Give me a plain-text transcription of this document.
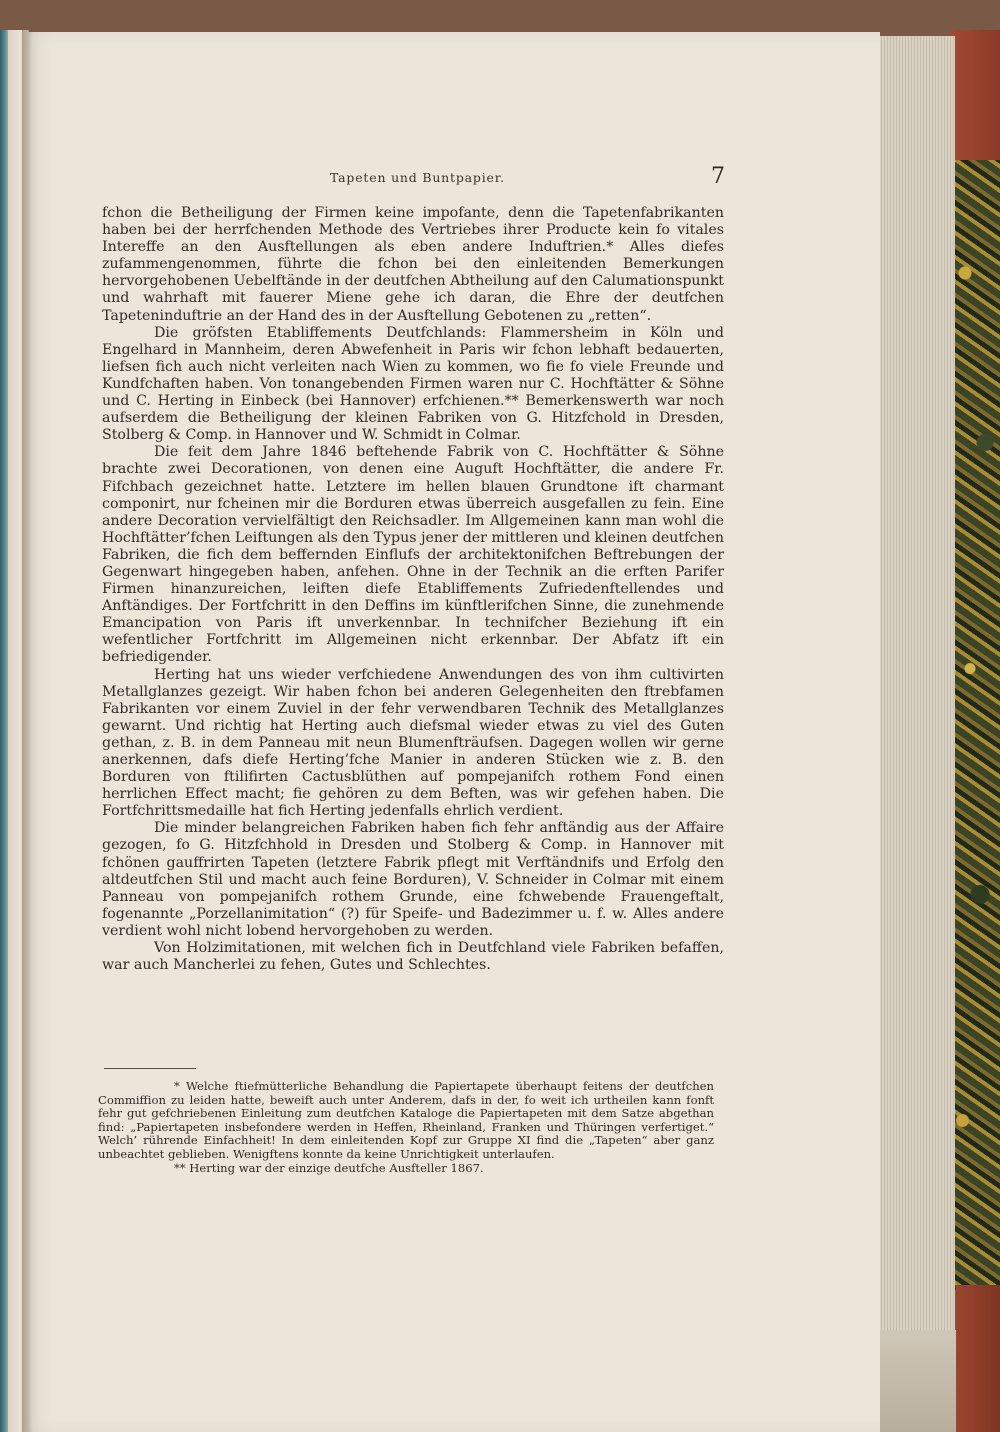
Tapeten und Buntpapier.	7

fchon die Betheiligung der Firmen keine impofante, denn die Tapetenfabrikanten haben bei der herrfchenden Methode des Vertriebes ihrer Producte kein fo vitales Intereffe an den Ausftellungen als eben andere Induftrien.* Alles diefes zufammengenommen, führte die fchon bei den einleitenden Bemerkungen hervorgehobenen Uebelftände in der deutfchen Abtheilung auf den Calumationspunkt und wahrhaft mit fauerer Miene gehe ich daran, die Ehre der deutfchen Tapeteninduftrie an der Hand des in der Ausftellung Gebotenen zu „retten“.

Die gröfsten Etabliffements Deutfchlands: Flammersheim in Köln und Engelhard in Mannheim, deren Abwefenheit in Paris wir fchon lebhaft bedauerten, liefsen fich auch nicht verleiten nach Wien zu kommen, wo fie fo viele Freunde und Kundfchaften haben. Von tonangebenden Firmen waren nur C. Hochftätter & Söhne und C. Herting in Einbeck (bei Hannover) erfchienen.** Bemerkenswerth war noch aufserdem die Betheiligung der kleinen Fabriken von G. Hitzfchold in Dresden, Stolberg & Comp. in Hannover und W. Schmidt in Colmar.

Die feit dem Jahre 1846 beftehende Fabrik von C. Hochftätter & Söhne brachte zwei Decorationen, von denen eine Auguft Hochftätter, die andere Fr. Fifchbach gezeichnet hatte. Letztere im hellen blauen Grundtone ift charmant componirt, nur fcheinen mir die Borduren etwas überreich ausgefallen zu fein. Eine andere Decoration vervielfältigt den Reichsadler. Im Allgemeinen kann man wohl die Hochftätter’fchen Leiftungen als den Typus jener der mittleren und kleinen deutfchen Fabriken, die fich dem beffernden Einflufs der architektonifchen Beftrebungen der Gegenwart hingegeben haben, anfehen. Ohne in der Technik an die erften Parifer Firmen hinanzureichen, leiften diefe Etabliffements Zufriedenftellendes und Anftändiges. Der Fortfchritt in den Deffins im künftlerifchen Sinne, die zunehmende Emancipation von Paris ift unverkennbar. In technifcher Beziehung ift ein wefentlicher Fortfchritt im Allgemeinen nicht erkennbar. Der Abfatz ift ein befriedigender.

Herting hat uns wieder verfchiedene Anwendungen des von ihm cultivirten Metallglanzes gezeigt. Wir haben fchon bei anderen Gelegenheiten den ftrebfamen Fabrikanten vor einem Zuviel in der fehr verwendbaren Technik des Metallglanzes gewarnt. Und richtig hat Herting auch diefsmal wieder etwas zu viel des Guten gethan, z. B. in dem Panneau mit neun Blumenfträufsen. Dagegen wollen wir gerne anerkennen, dafs diefe Herting’fche Manier in anderen Stücken wie z. B. den Borduren von ftilifirten Cactusblüthen auf pompejanifch rothem Fond einen herrlichen Effect macht; fie gehören zu dem Beften, was wir gefehen haben. Die Fortfchrittsmedaille hat fich Herting jedenfalls ehrlich verdient.

Die minder belangreichen Fabriken haben fich fehr anftändig aus der Affaire gezogen, fo G. Hitzfchhold in Dresden und Stolberg & Comp. in Hannover mit fchönen gauffrirten Tapeten (letztere Fabrik pflegt mit Verftändnifs und Erfolg den altdeutfchen Stil und macht auch feine Borduren), V. Schneider in Colmar mit einem Panneau von pompejanifch rothem Grunde, eine fchwebende Frauengeftalt, fogenannte „Porzellanimitation“ (?) für Speife- und Badezimmer u. f. w. Alles andere verdient wohl nicht lobend hervorgehoben zu werden.

Von Holzimitationen, mit welchen fich in Deutfchland viele Fabriken befaffen, war auch Mancherlei zu fehen, Gutes und Schlechtes.

* Welche ftiefmütterliche Behandlung die Papiertapete überhaupt feitens der deutfchen Commiffion zu leiden hatte, beweift auch unter Anderem, dafs in der, fo weit ich urtheilen kann fonft fehr gut gefchriebenen Einleitung zum deutfchen Kataloge die Papiertapeten mit dem Satze abgethan find: „Papiertapeten insbefondere werden in Heffen, Rheinland, Franken und Thüringen verfertiget.“ Welch’ rührende Einfachheit! In dem einleitenden Kopf zur Gruppe XI find die „Tapeten“ aber ganz unbeachtet geblieben. Wenigftens konnte da keine Unrichtigkeit unterlaufen.

** Herting war der einzige deutfche Ausfteller 1867.
